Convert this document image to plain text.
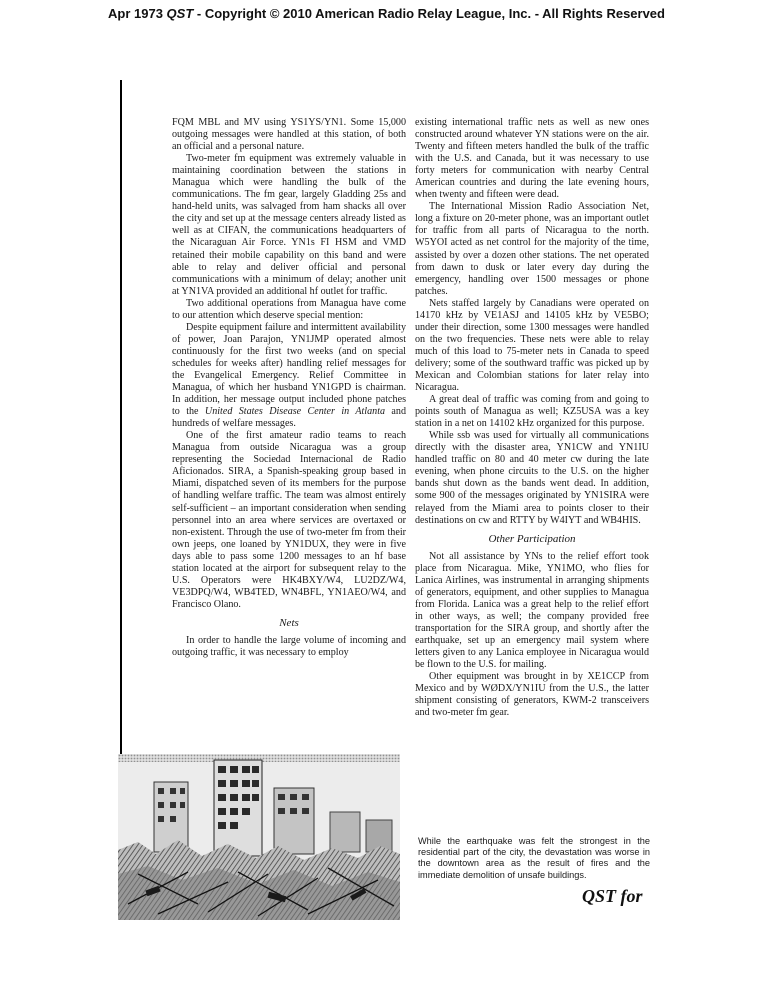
Apr 1973 QST - Copyright © 2010 American Radio Relay League, Inc. - All Rights Reserved

FQM MBL and MV using YS1YS/YN1. Some 15,000 outgoing messages were handled at this station, of both an official and a personal nature.

Two-meter fm equipment was extremely valuable in maintaining coordination between the stations in Managua which were handling the bulk of the communications. The fm gear, largely Gladding 25s and hand-held units, was salvaged from ham shacks all over the city and set up at the message centers already listed as well as at CIFAN, the communications headquarters of the Nicaraguan Air Force. YN1s FI HSM and VMD retained their mobile capability on this band and were able to relay and deliver official and personal communications with a minimum of delay; another unit at YN1VA provided an additional hf outlet for traffic.

Two additional operations from Managua have come to our attention which deserve special mention:

Despite equipment failure and intermittent availability of power, Joan Parajon, YN1JMP operated almost continuously for the first two weeks (and on special schedules for weeks after) handling relief messages for the Evangelical Emergency. Relief Committee in Managua, of which her husband YN1GPD is chairman. In addition, her message output included phone patches to the United States Disease Center in Atlanta and hundreds of welfare messages.

One of the first amateur radio teams to reach Managua from outside Nicaragua was a group representing the Sociedad Internacional de Radio Aficionados. SIRA, a Spanish-speaking group based in Miami, dispatched seven of its members for the purpose of handling welfare traffic. The team was almost entirely self-sufficient – an important consideration when sending personnel into an area where services are overtaxed or non-existent. Through the use of two-meter fm from their own jeeps, one loaned by YN1DUX, they were in five days able to pass some 1200 messages to an hf base station located at the airport for subsequent relay to the U.S. Operators were HK4BXY/W4, LU2DZ/W4, VE3DPQ/W4, WB4TED, WN4BFL, YN1AEO/W4, and Francisco Olano.

Nets

In order to handle the large volume of incoming and outgoing traffic, it was necessary to employ

existing international traffic nets as well as new ones constructed around whatever YN stations were on the air. Twenty and fifteen meters handled the bulk of the traffic with the U.S. and Canada, but it was necessary to use forty meters for communication with nearby Central American countries and during the late evening hours, when twenty and fifteen were dead.

The International Mission Radio Association Net, long a fixture on 20-meter phone, was an important outlet for traffic from all parts of Nicaragua to the north. W5YOI acted as net control for the majority of the time, assisted by over a dozen other stations. The net operated from dawn to dusk or later every day during the emergency, handling over 1500 messages or phone patches.

Nets staffed largely by Canadians were operated on 14170 kHz by VE1ASJ and 14105 kHz by VE5BO; under their direction, some 1300 messages were handled on the two frequencies. These nets were able to relay much of this load to 75-meter nets in Canada to speed delivery; some of the southward traffic was picked up by Mexican and Colombian stations for later relay into Nicaragua.

A great deal of traffic was coming from and going to points south of Managua as well; KZ5USA was a key station in a net on 14102 kHz organized for this purpose.

While ssb was used for virtually all communications directly with the disaster area, YN1CW and YN1IU handled traffic on 80 and 40 meter cw during the late evening, when phone circuits to the U.S. on the higher bands shut down as the bands went dead. In addition, some 900 of the messages originated by YN1SIRA were relayed from the Miami area to points closer to their destinations on cw and RTTY by W4IYT and WB4HIS.

Other Participation

Not all assistance by YNs to the relief effort took place from Nicaragua. Mike, YN1MO, who flies for Lanica Airlines, was instrumental in arranging shipments of generators, equipment, and other supplies to Managua from Florida. Lanica was a great help to the relief effort in other ways, as well; the company provided free transportation for the SIRA group, and shortly after the earthquake, set up an emergency mail system where letters given to any Lanica employee in Nicaragua would be flown to the U.S. for mailing.

Other equipment was brought in by XE1CCP from Mexico and by WØDX/YN1IU from the U.S., the latter shipment consisting of generators, KWM-2 transceivers and two-meter fm gear.

While the earthquake was felt the strongest in the residential part of the city, the devastation was worse in the downtown area as the result of fires and the immediate demolition of unsafe buildings.
QST for
